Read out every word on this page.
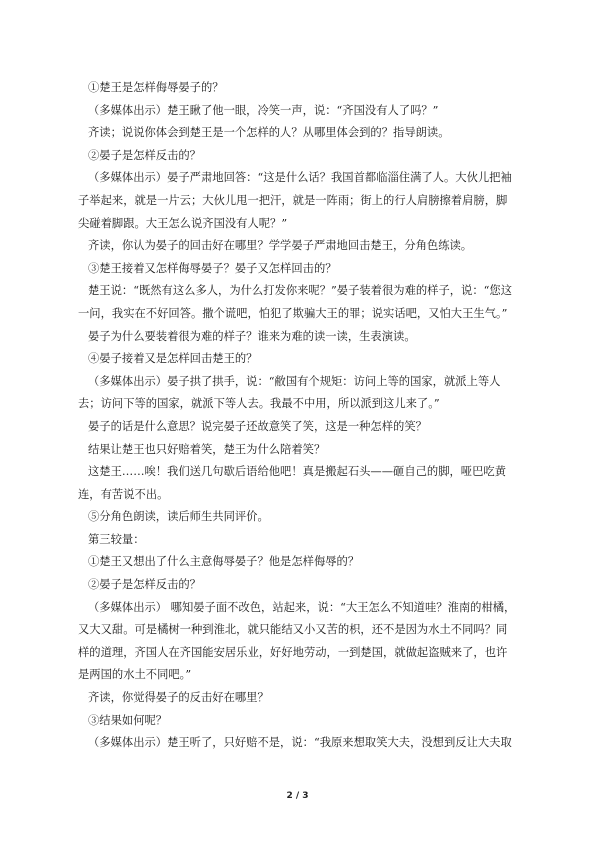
①楚王是怎样侮辱晏子的？

（多媒体出示）楚王瞅了他一眼，冷笑一声，说：“齐国没有人了吗？”

齐读；说说你体会到楚王是一个怎样的人？从哪里体会到的？指导朗读。

②晏子是怎样反击的？

（多媒体出示）晏子严肃地回答：“这是什么话？我国首都临淄住满了人。大伙儿把袖子举起来，就是一片云；大伙儿甩一把汗，就是一阵雨；街上的行人肩膀擦着肩膀，脚尖碰着脚跟。大王怎么说齐国没有人呢？”

齐读，你认为晏子的回击好在哪里？学学晏子严肃地回击楚王，分角色练读。

③楚王接着又怎样侮辱晏子？晏子又怎样回击的？

楚王说：“既然有这么多人，为什么打发你来呢？”晏子装着很为难的样子，说：“您这一问，我实在不好回答。撒个谎吧，怕犯了欺骗大王的罪；说实话吧，又怕大王生气。”

晏子为什么要装着很为难的样子？谁来为难的读一读，生表演读。

④晏子接着又是怎样回击楚王的？

（多媒体出示）晏子拱了拱手，说：“敝国有个规矩：访问上等的国家，就派上等人去；访问下等的国家，就派下等人去。我最不中用，所以派到这儿来了。”

晏子的话是什么意思？说完晏子还故意笑了笑，这是一种怎样的笑？

结果让楚王也只好赔着笑，楚王为什么陪着笑？

这楚王……唉！我们送几句歇后语给他吧！真是搬起石头——砸自己的脚，哑巴吃黄连，有苦说不出。

⑤分角色朗读，读后师生共同评价。

第三较量：

①楚王又想出了什么主意侮辱晏子？他是怎样侮辱的？

②晏子是怎样反击的？

（多媒体出示） 哪知晏子面不改色，站起来，说：“大王怎么不知道哇？淮南的柑橘，又大又甜。可是橘树一种到淮北，就只能结又小又苦的枳，还不是因为水土不同吗？同样的道理，齐国人在齐国能安居乐业，好好地劳动，一到楚国，就做起盗贼来了，也许是两国的水土不同吧。”

齐读，你觉得晏子的反击好在哪里？

③结果如何呢？

（多媒体出示）楚王听了，只好赔不是，说：“我原来想取笑大夫，没想到反让大夫取

2 / 3
